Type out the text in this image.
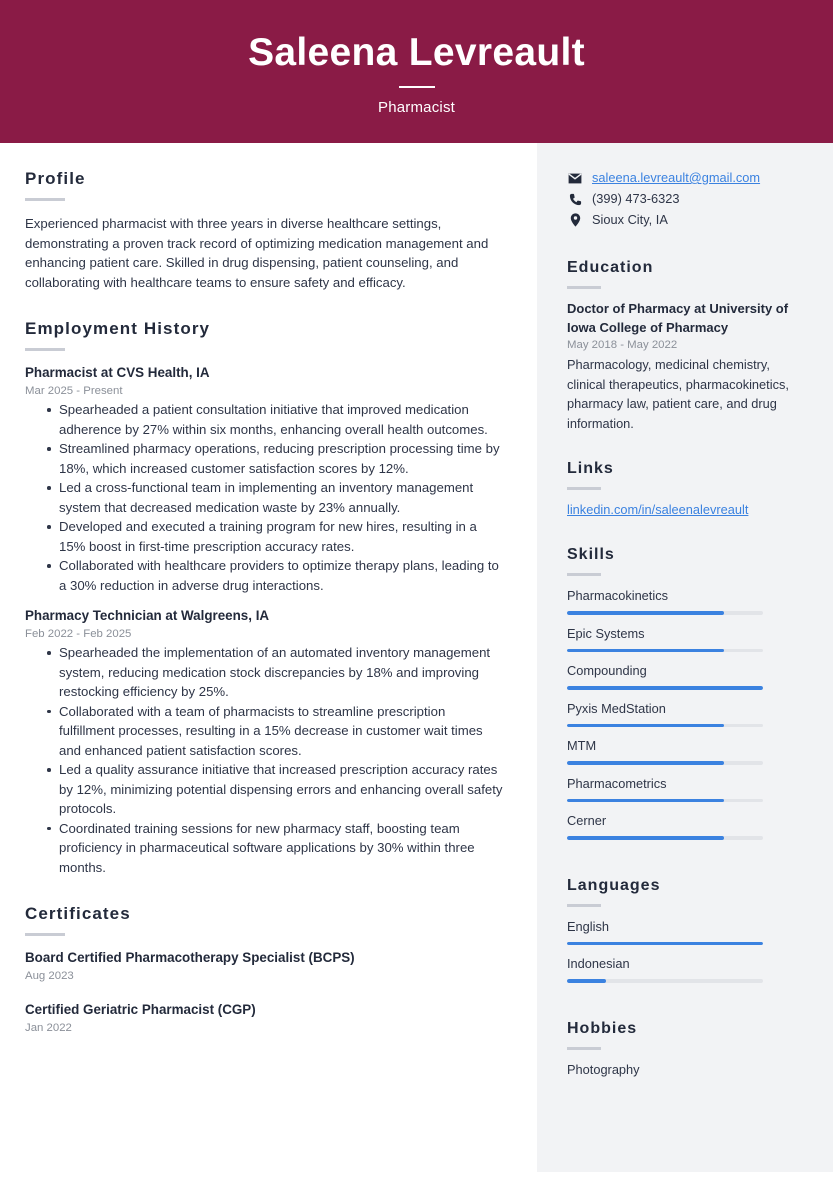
Saleena Levreault
Pharmacist
Profile

Experienced pharmacist with three years in diverse healthcare settings, demonstrating a proven track record of optimizing medication management and enhancing patient care. Skilled in drug dispensing, patient counseling, and collaborating with healthcare teams to ensure safety and efficacy.

Employment History
Pharmacist at CVS Health, IA
Mar 2025 - Present
Spearheaded a patient consultation initiative that improved medication adherence by 27% within six months, enhancing overall health outcomes.
Streamlined pharmacy operations, reducing prescription processing time by 18%, which increased customer satisfaction scores by 12%.
Led a cross-functional team in implementing an inventory management system that decreased medication waste by 23% annually.
Developed and executed a training program for new hires, resulting in a 15% boost in first-time prescription accuracy rates.
Collaborated with healthcare providers to optimize therapy plans, leading to a 30% reduction in adverse drug interactions.
Pharmacy Technician at Walgreens, IA
Feb 2022 - Feb 2025
Spearheaded the implementation of an automated inventory management system, reducing medication stock discrepancies by 18% and improving restocking efficiency by 25%.
Collaborated with a team of pharmacists to streamline prescription fulfillment processes, resulting in a 15% decrease in customer wait times and enhanced patient satisfaction scores.
Led a quality assurance initiative that increased prescription accuracy rates by 12%, minimizing potential dispensing errors and enhancing overall safety protocols.
Coordinated training sessions for new pharmacy staff, boosting team proficiency in pharmaceutical software applications by 30% within three months.
Certificates
Board Certified Pharmacotherapy Specialist (BCPS)
Aug 2023
Certified Geriatric Pharmacist (CGP)
Jan 2022
saleena.levreault@gmail.com
(399) 473-6323
Sioux City, IA
Education
Doctor of Pharmacy at University of Iowa College of Pharmacy
May 2018 - May 2022

Pharmacology, medicinal chemistry, clinical therapeutics, pharmacokinetics, pharmacy law, patient care, and drug information.

Links
linkedin.com/in/saleenalevreault
Skills
Pharmacokinetics
Epic Systems
Compounding
Pyxis MedStation
MTM
Pharmacometrics
Cerner
Languages
English
Indonesian
Hobbies
Photography
